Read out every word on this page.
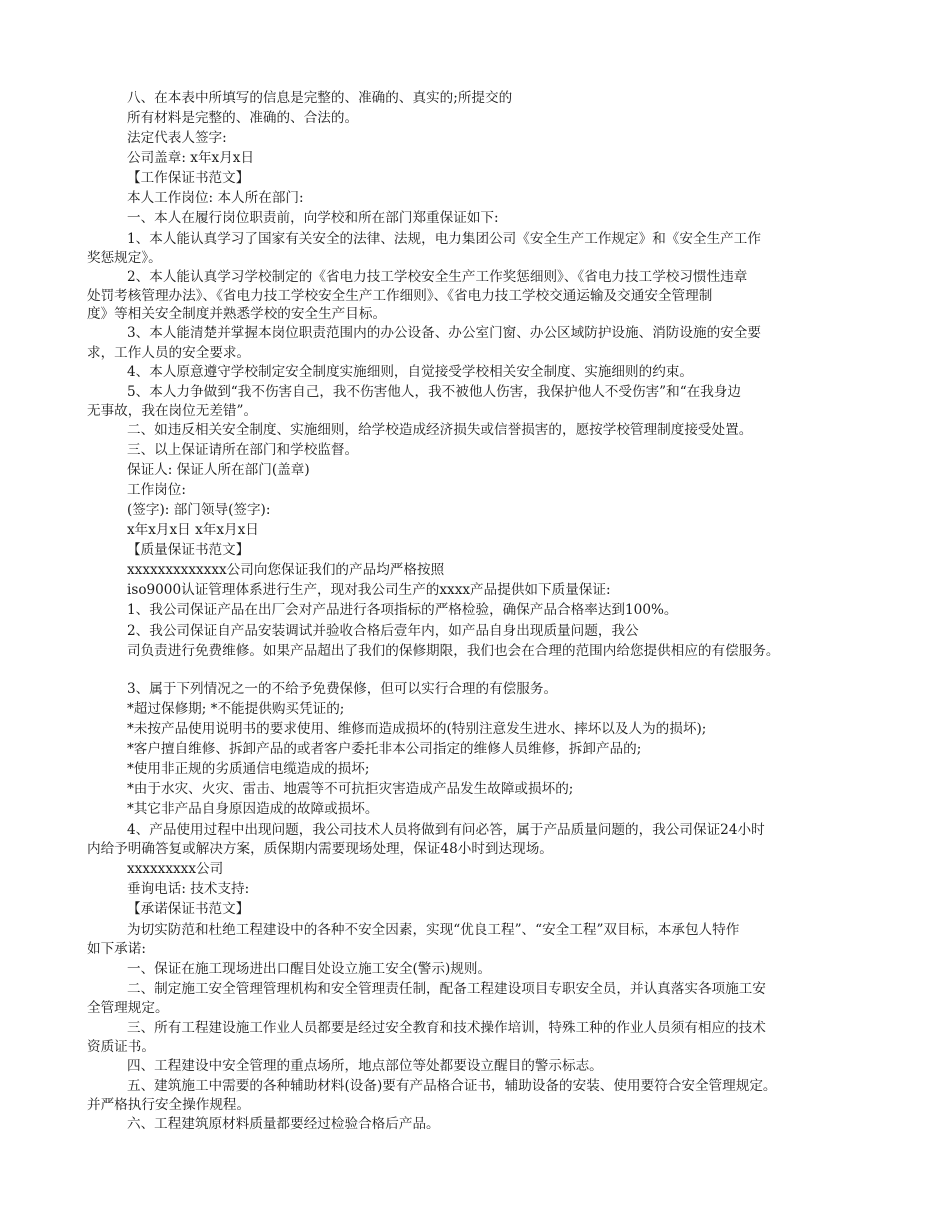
八、在本表中所填写的信息是完整的、准确的、真实的;所提交的
所有材料是完整的、准确的、合法的。
法定代表人签字:
公司盖章: x年x月x日
【工作保证书范文】
本人工作岗位: 本人所在部门:
一、本人在履行岗位职责前，向学校和所在部门郑重保证如下:
1、本人能认真学习了国家有关安全的法律、法规，电力集团公司《安全生产工作规定》和《安全生产工作
奖惩规定》。
2、本人能认真学习学校制定的《省电力技工学校安全生产工作奖惩细则》、《省电力技工学校习惯性违章
处罚考核管理办法》、《省电力技工学校安全生产工作细则》、《省电力技工学校交通运输及交通安全管理制
度》等相关安全制度并熟悉学校的安全生产目标。
3、本人能清楚并掌握本岗位职责范围内的办公设备、办公室门窗、办公区域防护设施、消防设施的安全要
求，工作人员的安全要求。
4、本人原意遵守学校制定安全制度实施细则，自觉接受学校相关安全制度、实施细则的约束。
5、本人力争做到“我不伤害自己，我不伤害他人，我不被他人伤害，我保护他人不受伤害”和“在我身边
无事故，我在岗位无差错”。
二、如违反相关安全制度、实施细则，给学校造成经济损失或信誉损害的，愿按学校管理制度接受处置。
三、以上保证请所在部门和学校监督。
保证人: 保证人所在部门(盖章)
工作岗位:
(签字): 部门领导(签字):
x年x月x日 x年x月x日
【质量保证书范文】
xxxxxxxxxxxxx公司向您保证我们的产品均严格按照
iso9000认证管理体系进行生产，现对我公司生产的xxxx产品提供如下质量保证:
1、我公司保证产品在出厂会对产品进行各项指标的严格检验，确保产品合格率达到100%。
2、我公司保证自产品安装调试并验收合格后壹年内，如产品自身出现质量问题，我公
司负责进行免费维修。如果产品超出了我们的保修期限，我们也会在合理的范围内给您提供相应的有偿服务。
3、属于下列情况之一的不给予免费保修，但可以实行合理的有偿服务。
*超过保修期; *不能提供购买凭证的;
*未按产品使用说明书的要求使用、维修而造成损坏的(特别注意发生进水、摔坏以及人为的损坏);
*客户擅自维修、拆卸产品的或者客户委托非本公司指定的维修人员维修，拆卸产品的;
*使用非正规的劣质通信电缆造成的损坏;
*由于水灾、火灾、雷击、地震等不可抗拒灾害造成产品发生故障或损坏的;
*其它非产品自身原因造成的故障或损坏。
4、产品使用过程中出现问题，我公司技术人员将做到有问必答，属于产品质量问题的，我公司保证24小时
内给予明确答复或解决方案，质保期内需要现场处理，保证48小时到达现场。
xxxxxxxxx公司
垂询电话: 技术支持:
【承诺保证书范文】
为切实防范和杜绝工程建设中的各种不安全因素，实现“优良工程”、“安全工程”双目标，本承包人特作
如下承诺:
一、保证在施工现场进出口醒目处设立施工安全(警示)规则。
二、制定施工安全管理管理机构和安全管理责任制，配备工程建设项目专职安全员，并认真落实各项施工安
全管理规定。
三、所有工程建设施工作业人员都要是经过安全教育和技术操作培训，特殊工种的作业人员须有相应的技术
资质证书。
四、工程建设中安全管理的重点场所，地点部位等处都要设立醒目的警示标志。
五、建筑施工中需要的各种辅助材料(设备)要有产品格合证书，辅助设备的安装、使用要符合安全管理规定。
并严格执行安全操作规程。
六、工程建筑原材料质量都要经过检验合格后产品。
